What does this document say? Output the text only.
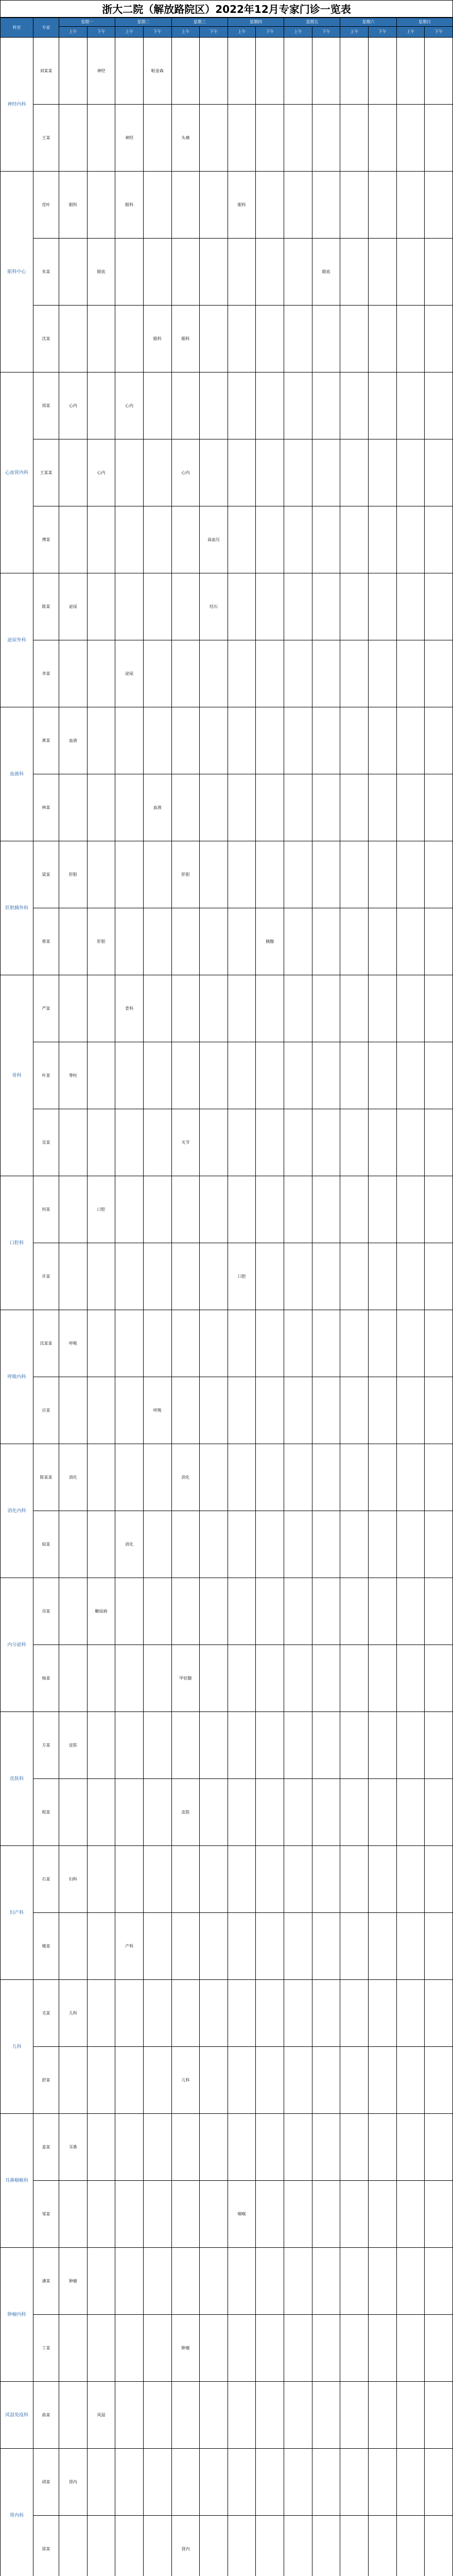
浙大二院（解放路院区）2022年12月专家门诊一览表
科室	专家	星期一		星期二		星期三		星期四		星期五		星期六		星期日	
		上午	下午	上午	下午	上午	下午	上午	下午	上午	下午	上午	下午	上午	下午
神经内科	刘某某		神经		帕金森										
	王某			神经		头痛									
眼科中心	范叶	眼科		眼科				眼科							
	朱某		眼底								眼底				
	沈某				眼科	眼科									
心血管内科	周某	心内		心内											
	王某某		心内			心内									
	傅某						高血压								
泌尿外科	陈某	泌尿					结石								
	李某			泌尿											
血液科	黄某	血液													
	林某				血液										
肝胆胰外科	梁某	肝胆				肝胆									
	蔡某		肝胆						胰腺						
骨科	严某			骨科											
	叶某	脊柱													
	吴某					关节									
口腔科	何某		口腔												
	许某							口腔							
呼吸内科	沈某某	呼吸													
	应某				呼吸										
消化内科	陈某某	消化				消化									
	姒某			消化											
内分泌科	谷某		糖尿病												
	杨某					甲状腺									
皮肤科	方某	皮肤													
	程某					皮肤									
妇产科	石某	妇科													
	楼某			产科											
儿科	毛某	儿科													
	舒某					儿科									
耳鼻咽喉科	姜某	耳鼻													
	邹某							咽喉							
肿瘤内科	潘某	肿瘤													
	丁某					肿瘤									
风湿免疫科	俞某		风湿												
肾内科	胡某	肾内													
	徐某					肾内									
